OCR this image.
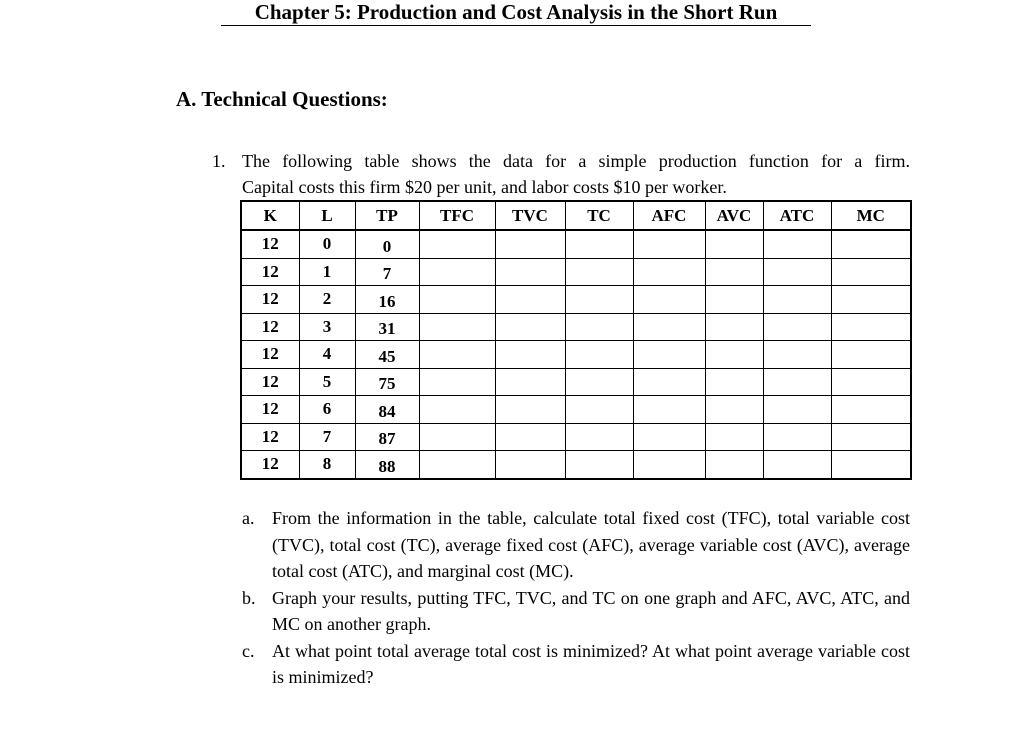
Chapter 5: Production and Cost Analysis in the Short Run
A. Technical Questions:
1. The following table shows the data for a simple production function for a firm.
Capital costs this firm $20 per unit, and labor costs $10 per worker.
K	L	TP	TFC	TVC	TC	AFC	AVC	ATC	MC
12	0	0							
12	1	7							
12	2	16							
12	3	31							
12	4	45							
12	5	75							
12	6	84							
12	7	87							
12	8	88							
a. From the information in the table, calculate total fixed cost (TFC), total variable cost (TVC), total cost (TC), average fixed cost (AFC), average variable cost (AVC), average total cost (ATC), and marginal cost (MC).
b. Graph your results, putting TFC, TVC, and TC on one graph and AFC, AVC, ATC, and MC on another graph.
c. At what point total average total cost is minimized? At what point average variable cost is minimized?
